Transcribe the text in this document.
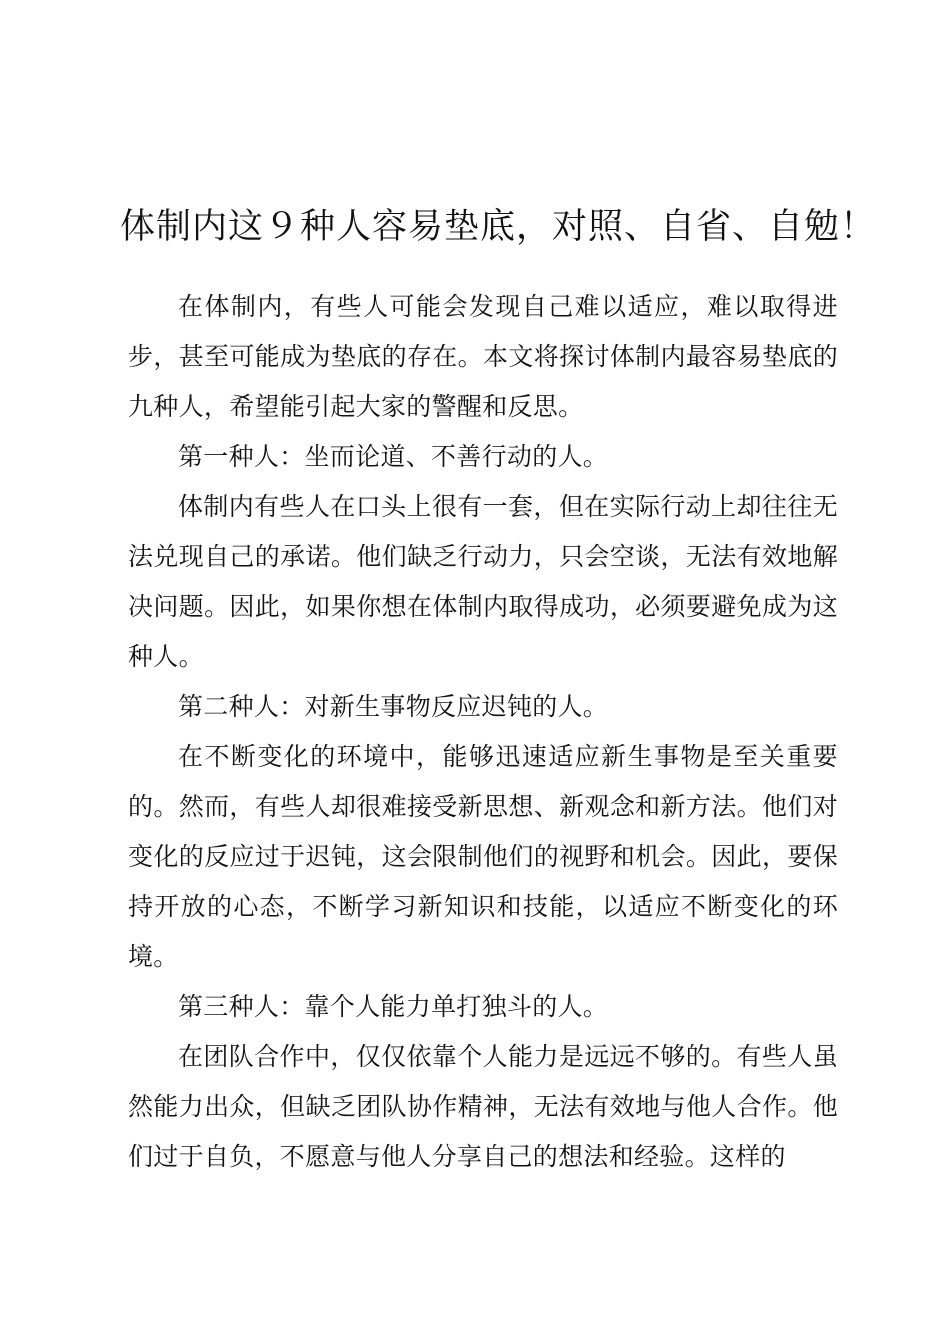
体制内这９种人容易垫底，对照、自省、自勉！

在体制内，有些人可能会发现自己难以适应，难以取得进步，甚至可能成为垫底的存在。本文将探讨体制内最容易垫底的九种人，希望能引起大家的警醒和反思。

第一种人：坐而论道、不善行动的人。

体制内有些人在口头上很有一套，但在实际行动上却往往无法兑现自己的承诺。他们缺乏行动力，只会空谈，无法有效地解决问题。因此，如果你想在体制内取得成功，必须要避免成为这种人。

第二种人：对新生事物反应迟钝的人。

在不断变化的环境中，能够迅速适应新生事物是至关重要的。然而，有些人却很难接受新思想、新观念和新方法。他们对变化的反应过于迟钝，这会限制他们的视野和机会。因此，要保持开放的心态，不断学习新知识和技能，以适应不断变化的环境。

第三种人：靠个人能力单打独斗的人。

在团队合作中，仅仅依靠个人能力是远远不够的。有些人虽然能力出众，但缺乏团队协作精神，无法有效地与他人合作。他们过于自负，不愿意与他人分享自己的想法和经验。这样的
